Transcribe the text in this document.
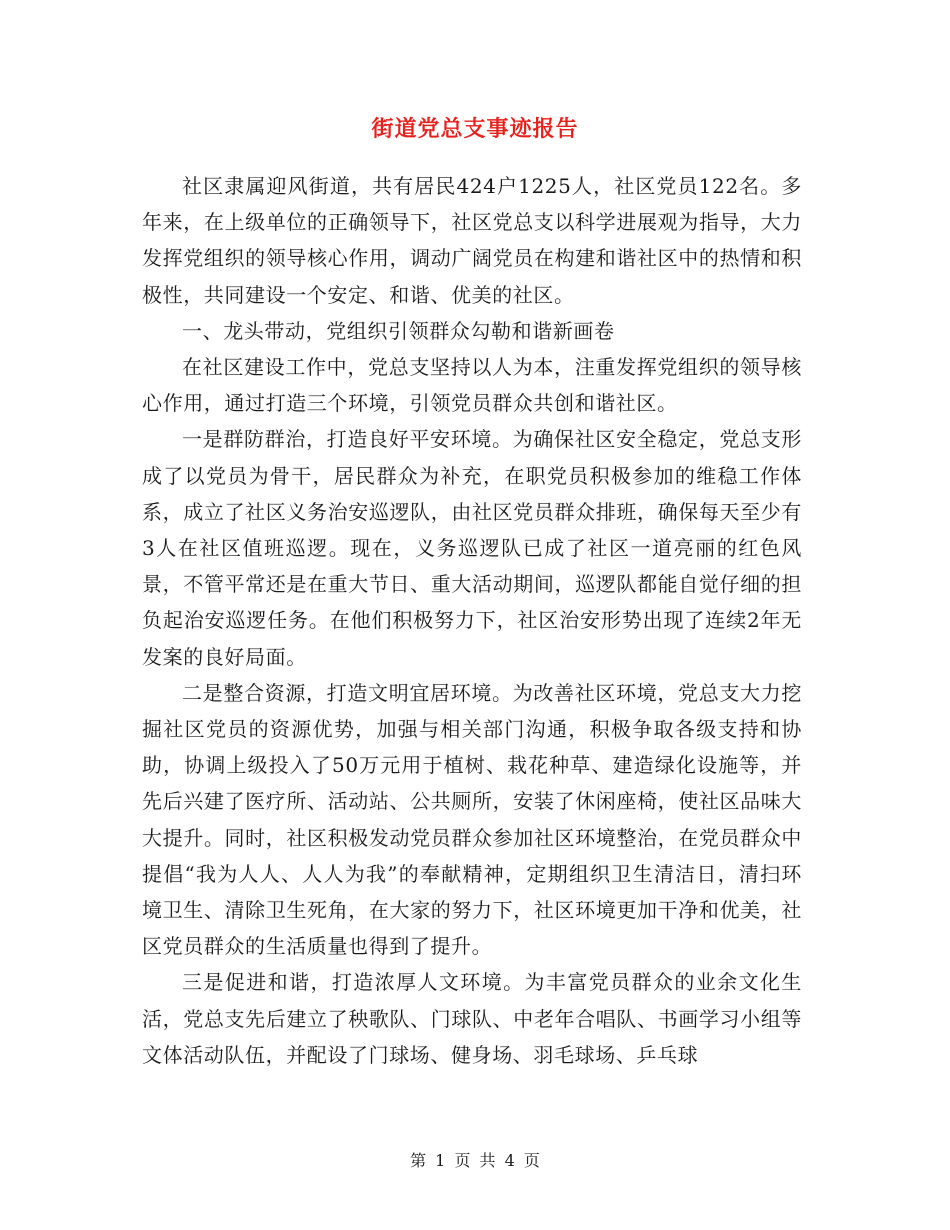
街道党总支事迹报告

社区隶属迎风街道，共有居民424户1225人，社区党员122名。多年来，在上级单位的正确领导下，社区党总支以科学进展观为指导，大力发挥党组织的领导核心作用，调动广阔党员在构建和谐社区中的热情和积极性，共同建设一个安定、和谐、优美的社区。

一、龙头带动，党组织引领群众勾勒和谐新画卷

在社区建设工作中，党总支坚持以人为本，注重发挥党组织的领导核心作用，通过打造三个环境，引领党员群众共创和谐社区。

一是群防群治，打造良好平安环境。为确保社区安全稳定，党总支形成了以党员为骨干，居民群众为补充，在职党员积极参加的维稳工作体系，成立了社区义务治安巡逻队，由社区党员群众排班，确保每天至少有3人在社区值班巡逻。现在，义务巡逻队已成了社区一道亮丽的红色风景，不管平常还是在重大节日、重大活动期间，巡逻队都能自觉仔细的担负起治安巡逻任务。在他们积极努力下，社区治安形势出现了连续2年无发案的良好局面。

二是整合资源，打造文明宜居环境。为改善社区环境，党总支大力挖掘社区党员的资源优势，加强与相关部门沟通，积极争取各级支持和协助，协调上级投入了50万元用于植树、栽花种草、建造绿化设施等，并先后兴建了医疗所、活动站、公共厕所，安装了休闲座椅，使社区品味大大提升。同时，社区积极发动党员群众参加社区环境整治，在党员群众中提倡“我为人人、人人为我”的奉献精神，定期组织卫生清洁日，清扫环境卫生、清除卫生死角，在大家的努力下，社区环境更加干净和优美，社区党员群众的生活质量也得到了提升。

三是促进和谐，打造浓厚人文环境。为丰富党员群众的业余文化生活，党总支先后建立了秧歌队、门球队、中老年合唱队、书画学习小组等文体活动队伍，并配设了门球场、健身场、羽毛球场、乒乓球

第 1 页 共 4 页
